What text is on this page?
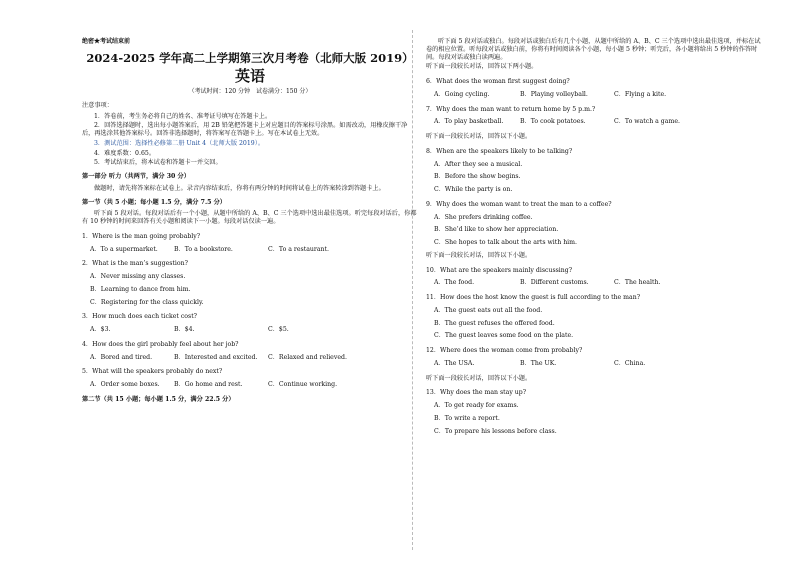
绝密★考试结束前
2024-2025 学年高二上学期第三次月考卷（北师大版 2019）
英语
（考试时间：120 分钟　试卷满分：150 分）
注意事项：
1．答卷前，考生务必将自己的姓名、准考证号填写在答题卡上。
2．回答选择题时，选出每小题答案后，用 2B 铅笔把答题卡上对应题目的答案标号涂黑。如需改动，用橡皮擦干净后，再选涂其他答案标号。回答非选择题时，将答案写在答题卡上。写在本试卷上无效。
3．测试范围：选择性必修第二册 Unit 4（北师大版 2019）。
4．难度系数：0.65。
5．考试结束后，将本试卷和答题卡一并交回。
第一部分 听力（共两节，满分 30 分）
做题时，请先将答案标在试卷上。录音内容结束后，你将有两分钟的时间将试卷上的答案转涂到答题卡上。
第一节（共 5 小题；每小题 1.5 分，满分 7.5 分）
听下面 5 段对话。每段对话后有一个小题，从题中所给的 A、B、C 三个选项中选出最佳选项。听完每段对话后，你都有 10 秒钟的时间来回答有关小题和阅读下一小题。每段对话仅读一遍。
1．Where is the man going probably?
A．To a supermarket.	B．To a bookstore.	C．To a restaurant.
2．What is the man’s suggestion?
A．Never missing any classes.
B．Learning to dance from him.
C．Registering for the class quickly.
3．How much does each ticket cost?
A．$3.	B．$4.	C．$5.
4．How does the girl probably feel about her job?
A．Bored and tired.	B．Interested and excited.	C．Relaxed and relieved.
5．What will the speakers probably do next?
A．Order some boxes.	B．Go home and rest.	C．Continue working.
第二节（共 15 小题；每小题 1.5 分，满分 22.5 分）
听下面 5 段对话或独白。每段对话或独白后有几个小题，从题中所给的 A、B、C 三个选项中选出最佳选项，并标在试卷的相应位置。听每段对话或独白前，你将有时间阅读各个小题，每小题 5 秒钟；听完后，各小题将给出 5 秒钟的作答时间。每段对话或独白读两遍。
听下面一段较长对话，回答以下两小题。
6．What does the woman first suggest doing?
A．Going cycling.	B．Playing volleyball.	C．Flying a kite.
7．Why does the man want to return home by 5 p.m.?
A．To play basketball.	B．To cook potatoes.	C．To watch a game.
听下面一段较长对话，回答以下小题。
8．When are the speakers likely to be talking?
A．After they see a musical.
B．Before the show begins.
C．While the party is on.
9．Why does the woman want to treat the man to a coffee?
A．She prefers drinking coffee.
B．She’d like to show her appreciation.
C．She hopes to talk about the arts with him.
听下面一段较长对话，回答以下小题。
10．What are the speakers mainly discussing?
A．The food.	B．Different customs.	C．The health.
11．How does the host know the guest is full according to the man?
A．The guest eats out all the food.
B．The guest refuses the offered food.
C．The guest leaves some food on the plate.
12．Where does the woman come from probably?
A．The USA.	B．The UK.	C．China.
听下面一段较长对话，回答以下小题。
13．Why does the man stay up?
A．To get ready for exams.
B．To write a report.
C．To prepare his lessons before class.
